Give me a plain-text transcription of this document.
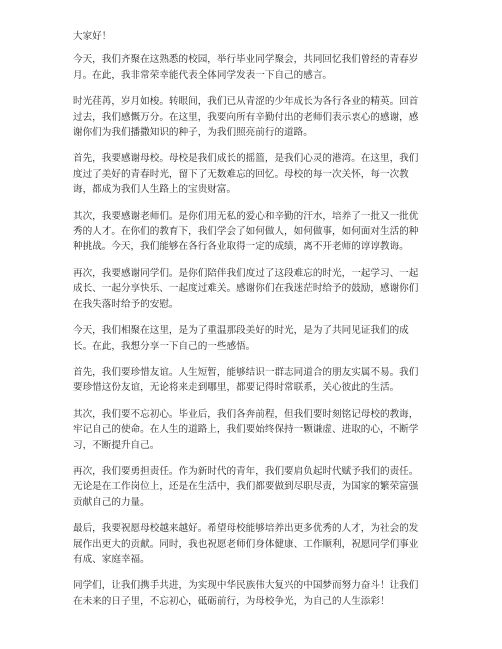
大家好！

今天，我们齐聚在这熟悉的校园，举行毕业同学聚会，共同回忆我们曾经的青春岁月。在此，我非常荣幸能代表全体同学发表一下自己的感言。

时光荏苒，岁月如梭。转眼间，我们已从青涩的少年成长为各行各业的精英。回首过去，我们感慨万分。在这里，我要向所有辛勤付出的老师们表示衷心的感谢，感谢你们为我们播撒知识的种子，为我们照亮前行的道路。

首先，我要感谢母校。母校是我们成长的摇篮，是我们心灵的港湾。在这里，我们度过了美好的青春时光，留下了无数难忘的回忆。母校的每一次关怀，每一次教诲，都成为我们人生路上的宝贵财富。

其次，我要感谢老师们。是你们用无私的爱心和辛勤的汗水，培养了一批又一批优秀的人才。在你们的教育下，我们学会了如何做人，如何做事，如何面对生活的种种挑战。今天，我们能够在各行各业取得一定的成绩，离不开老师的谆谆教诲。

再次，我要感谢同学们。是你们陪伴我们度过了这段难忘的时光，一起学习、一起成长、一起分享快乐、一起度过难关。感谢你们在我迷茫时给予的鼓励，感谢你们在我失落时给予的安慰。

今天，我们相聚在这里，是为了重温那段美好的时光，是为了共同见证我们的成长。在此，我想分享一下自己的一些感悟。

首先，我们要珍惜友谊。人生短暂，能够结识一群志同道合的朋友实属不易。我们要珍惜这份友谊，无论将来走到哪里，都要记得时常联系，关心彼此的生活。

其次，我们要不忘初心。毕业后，我们各奔前程，但我们要时刻铭记母校的教诲，牢记自己的使命。在人生的道路上，我们要始终保持一颗谦虚、进取的心，不断学习，不断提升自己。

再次，我们要勇担责任。作为新时代的青年，我们要肩负起时代赋予我们的责任。无论是在工作岗位上，还是在生活中，我们都要做到尽职尽责，为国家的繁荣富强贡献自己的力量。

最后，我要祝愿母校越来越好。希望母校能够培养出更多优秀的人才，为社会的发展作出更大的贡献。同时，我也祝愿老师们身体健康、工作顺利，祝愿同学们事业有成、家庭幸福。

同学们，让我们携手共进，为实现中华民族伟大复兴的中国梦而努力奋斗！让我们在未来的日子里，不忘初心，砥砺前行，为母校争光，为自己的人生添彩！
